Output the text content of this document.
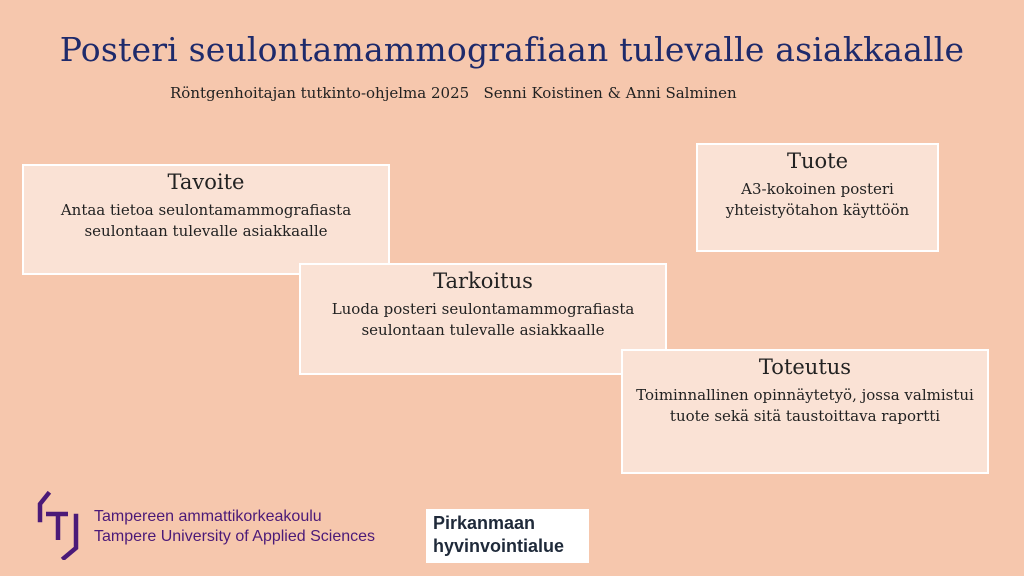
Posteri seulontamammografiaan tulevalle asiakkaalle
Röntgenhoitajan tutkinto-ohjelma 2025   Senni Koistinen & Anni Salminen
Tavoite
Antaa tietoa seulontamammografiasta seulontaan tulevalle asiakkaalle
Tuote
A3-kokoinen posteri yhteistyötahon käyttöön
Tarkoitus
Luoda posteri seulontamammografiasta seulontaan tulevalle asiakkaalle
Toteutus
Toiminnallinen opinnäytetyö, jossa valmistui tuote sekä sitä taustoittava raportti
Tampereen ammattikorkeakoulu
Tampere University of Applied Sciences
Pirkanmaan
hyvinvointialue
